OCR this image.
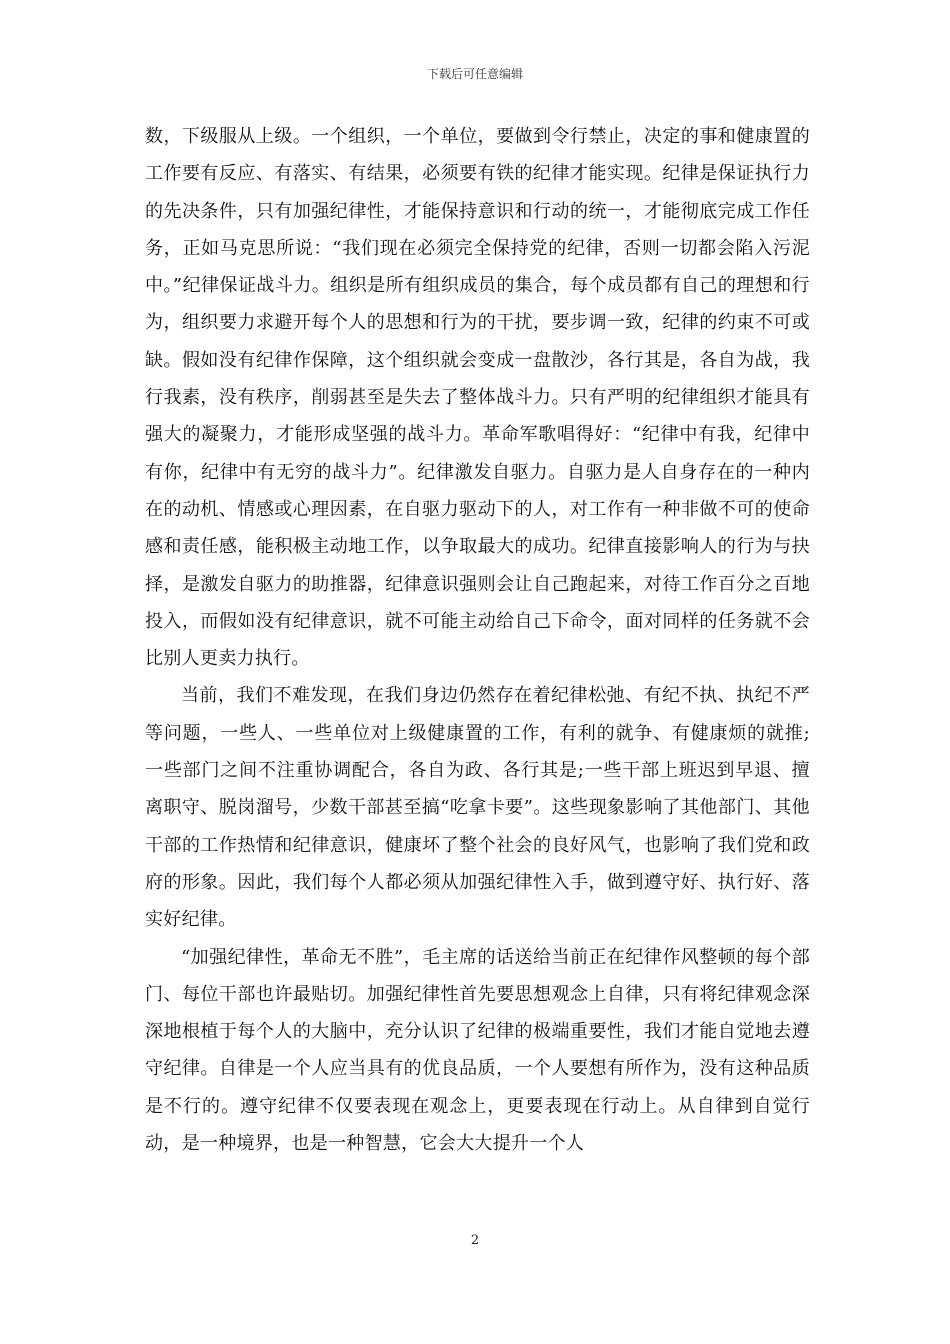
下载后可任意编辑

数，下级服从上级。一个组织，一个单位，要做到令行禁止，决定的事和健康置的工作要有反应、有落实、有结果，必须要有铁的纪律才能实现。纪律是保证执行力的先决条件，只有加强纪律性，才能保持意识和行动的统一，才能彻底完成工作任务，正如马克思所说：“我们现在必须完全保持党的纪律，否则一切都会陷入污泥中。”纪律保证战斗力。组织是所有组织成员的集合，每个成员都有自己的理想和行为，组织要力求避开每个人的思想和行为的干扰，要步调一致，纪律的约束不可或缺。假如没有纪律作保障，这个组织就会变成一盘散沙，各行其是，各自为战，我行我素，没有秩序，削弱甚至是失去了整体战斗力。只有严明的纪律组织才能具有强大的凝聚力，才能形成坚强的战斗力。革命军歌唱得好：“纪律中有我，纪律中有你，纪律中有无穷的战斗力”。纪律激发自驱力。自驱力是人自身存在的一种内在的动机、情感或心理因素，在自驱力驱动下的人，对工作有一种非做不可的使命感和责任感，能积极主动地工作，以争取最大的成功。纪律直接影响人的行为与抉择，是激发自驱力的助推器，纪律意识强则会让自己跑起来，对待工作百分之百地投入，而假如没有纪律意识，就不可能主动给自己下命令，面对同样的任务就不会比别人更卖力执行。

当前，我们不难发现，在我们身边仍然存在着纪律松弛、有纪不执、执纪不严等问题，一些人、一些单位对上级健康置的工作，有利的就争、有健康烦的就推;一些部门之间不注重协调配合，各自为政、各行其是;一些干部上班迟到早退、擅离职守、脱岗溜号，少数干部甚至搞“吃拿卡要”。这些现象影响了其他部门、其他干部的工作热情和纪律意识，健康坏了整个社会的良好风气，也影响了我们党和政府的形象。因此，我们每个人都必须从加强纪律性入手，做到遵守好、执行好、落实好纪律。

“加强纪律性，革命无不胜”，毛主席的话送给当前正在纪律作风整顿的每个部门、每位干部也许最贴切。加强纪律性首先要思想观念上自律，只有将纪律观念深深地根植于每个人的大脑中，充分认识了纪律的极端重要性，我们才能自觉地去遵守纪律。自律是一个人应当具有的优良品质，一个人要想有所作为，没有这种品质是不行的。遵守纪律不仅要表现在观念上，更要表现在行动上。从自律到自觉行动，是一种境界，也是一种智慧，它会大大提升一个人

2
